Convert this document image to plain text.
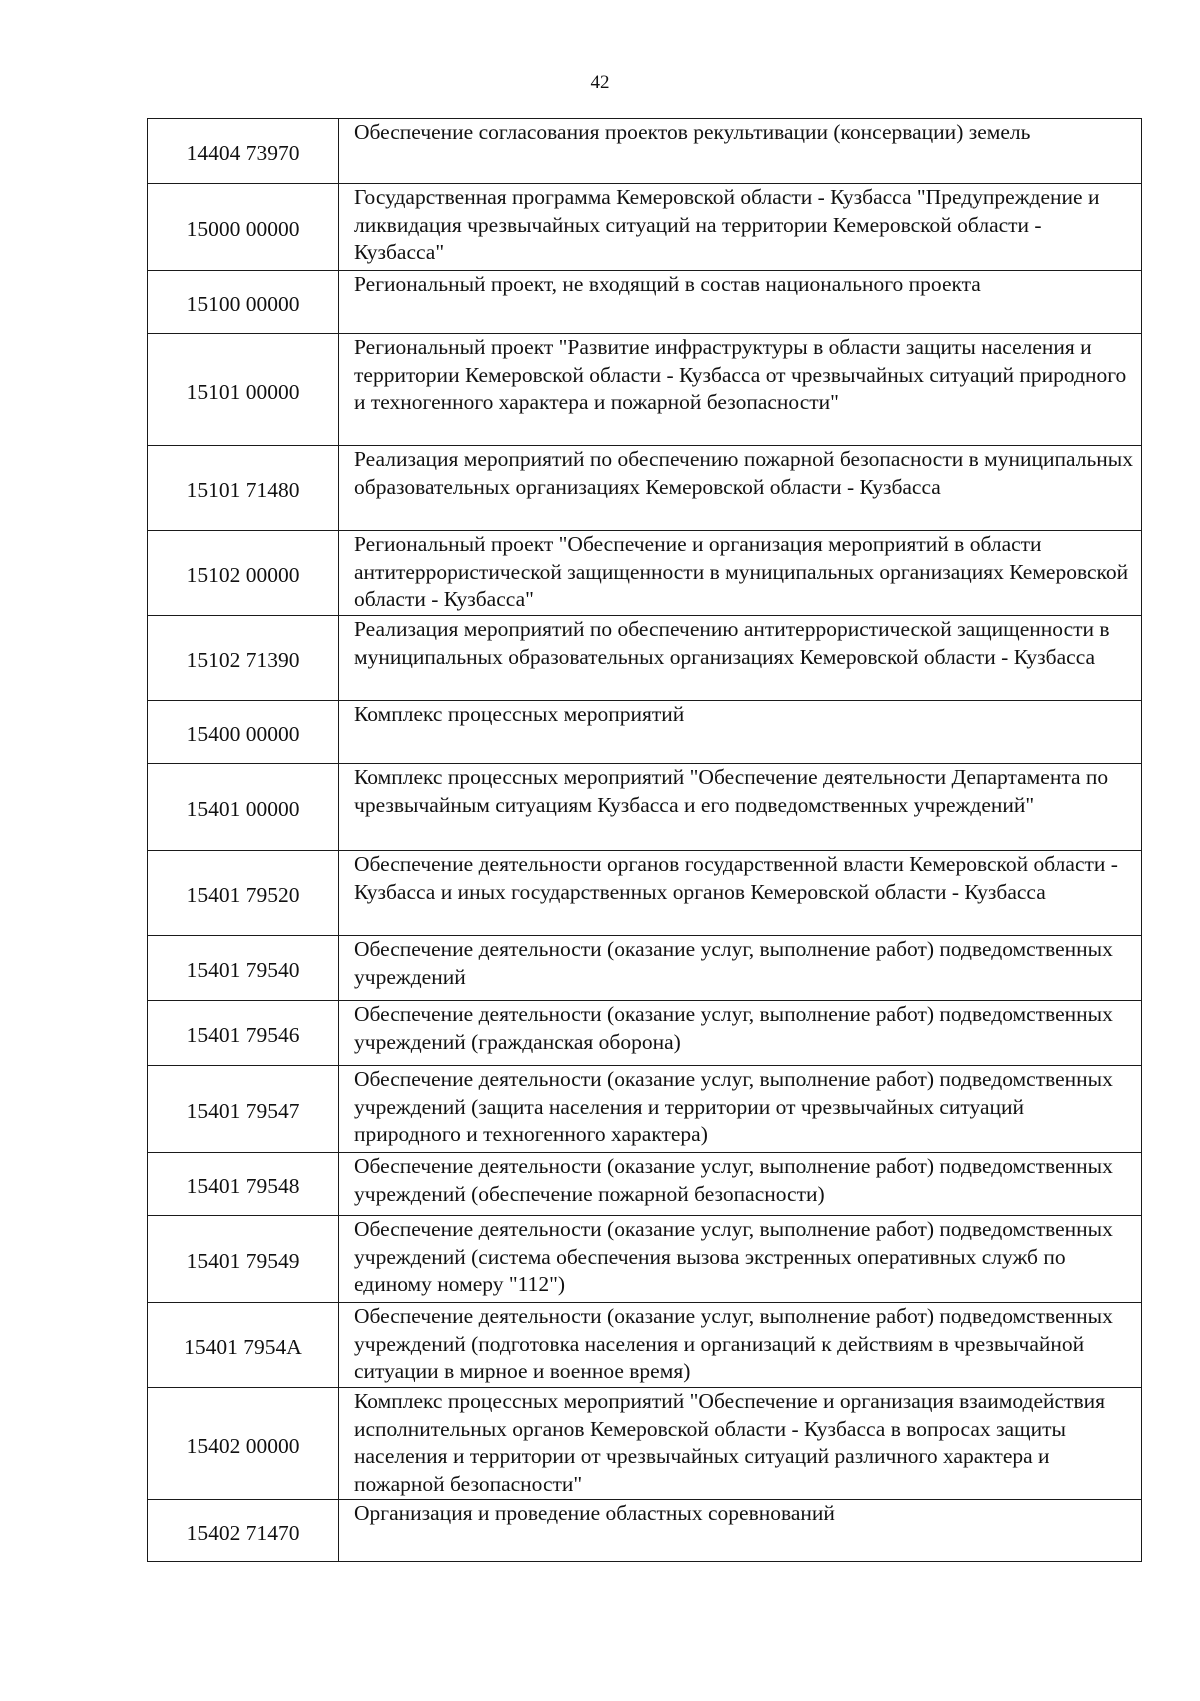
42
14404 73970	Обеспечение согласования проектов рекультивации (консервации) земель
15000 00000	Государственная программа Кемеровской области - Кузбасса "Предупреждение и ликвидация чрезвычайных ситуаций на территории Кемеровской области - Кузбасса"
15100 00000	Региональный проект, не входящий в состав национального проекта
15101 00000	Региональный проект "Развитие инфраструктуры в области защиты населения и территории Кемеровской области - Кузбасса от чрезвычайных ситуаций природного и техногенного характера и пожарной безопасности"
15101 71480	Реализация мероприятий по обеспечению пожарной безопасности в муниципальных образовательных организациях Кемеровской области - Кузбасса
15102 00000	Региональный проект "Обеспечение и организация мероприятий в области антитеррористической защищенности в муниципальных организациях Кемеровской области - Кузбасса"
15102 71390	Реализация мероприятий по обеспечению антитеррористической защищенности в муниципальных образовательных организациях Кемеровской области - Кузбасса
15400 00000	Комплекс процессных мероприятий
15401 00000	Комплекс процессных мероприятий "Обеспечение деятельности Департамента по чрезвычайным ситуациям Кузбасса и его подведомственных учреждений"
15401 79520	Обеспечение деятельности органов государственной власти Кемеровской области - Кузбасса и иных государственных органов Кемеровской области - Кузбасса
15401 79540	Обеспечение деятельности (оказание услуг, выполнение работ) подведомственных учреждений
15401 79546	Обеспечение деятельности (оказание услуг, выполнение работ) подведомственных учреждений (гражданская оборона)
15401 79547	Обеспечение деятельности (оказание услуг, выполнение работ) подведомственных учреждений (защита населения и территории от чрезвычайных ситуаций природного и техногенного характера)
15401 79548	Обеспечение деятельности (оказание услуг, выполнение работ) подведомственных учреждений (обеспечение пожарной безопасности)
15401 79549	Обеспечение деятельности (оказание услуг, выполнение работ) подведомственных учреждений (система обеспечения вызова экстренных оперативных служб по единому номеру "112")
15401 7954А	Обеспечение деятельности (оказание услуг, выполнение работ) подведомственных учреждений (подготовка населения и организаций к действиям в чрезвычайной ситуации в мирное и военное время)
15402 00000	Комплекс процессных мероприятий "Обеспечение и организация взаимодействия исполнительных органов Кемеровской области - Кузбасса в вопросах защиты населения и территории от чрезвычайных ситуаций различного характера и пожарной безопасности"
15402 71470	Организация и проведение областных соревнований
